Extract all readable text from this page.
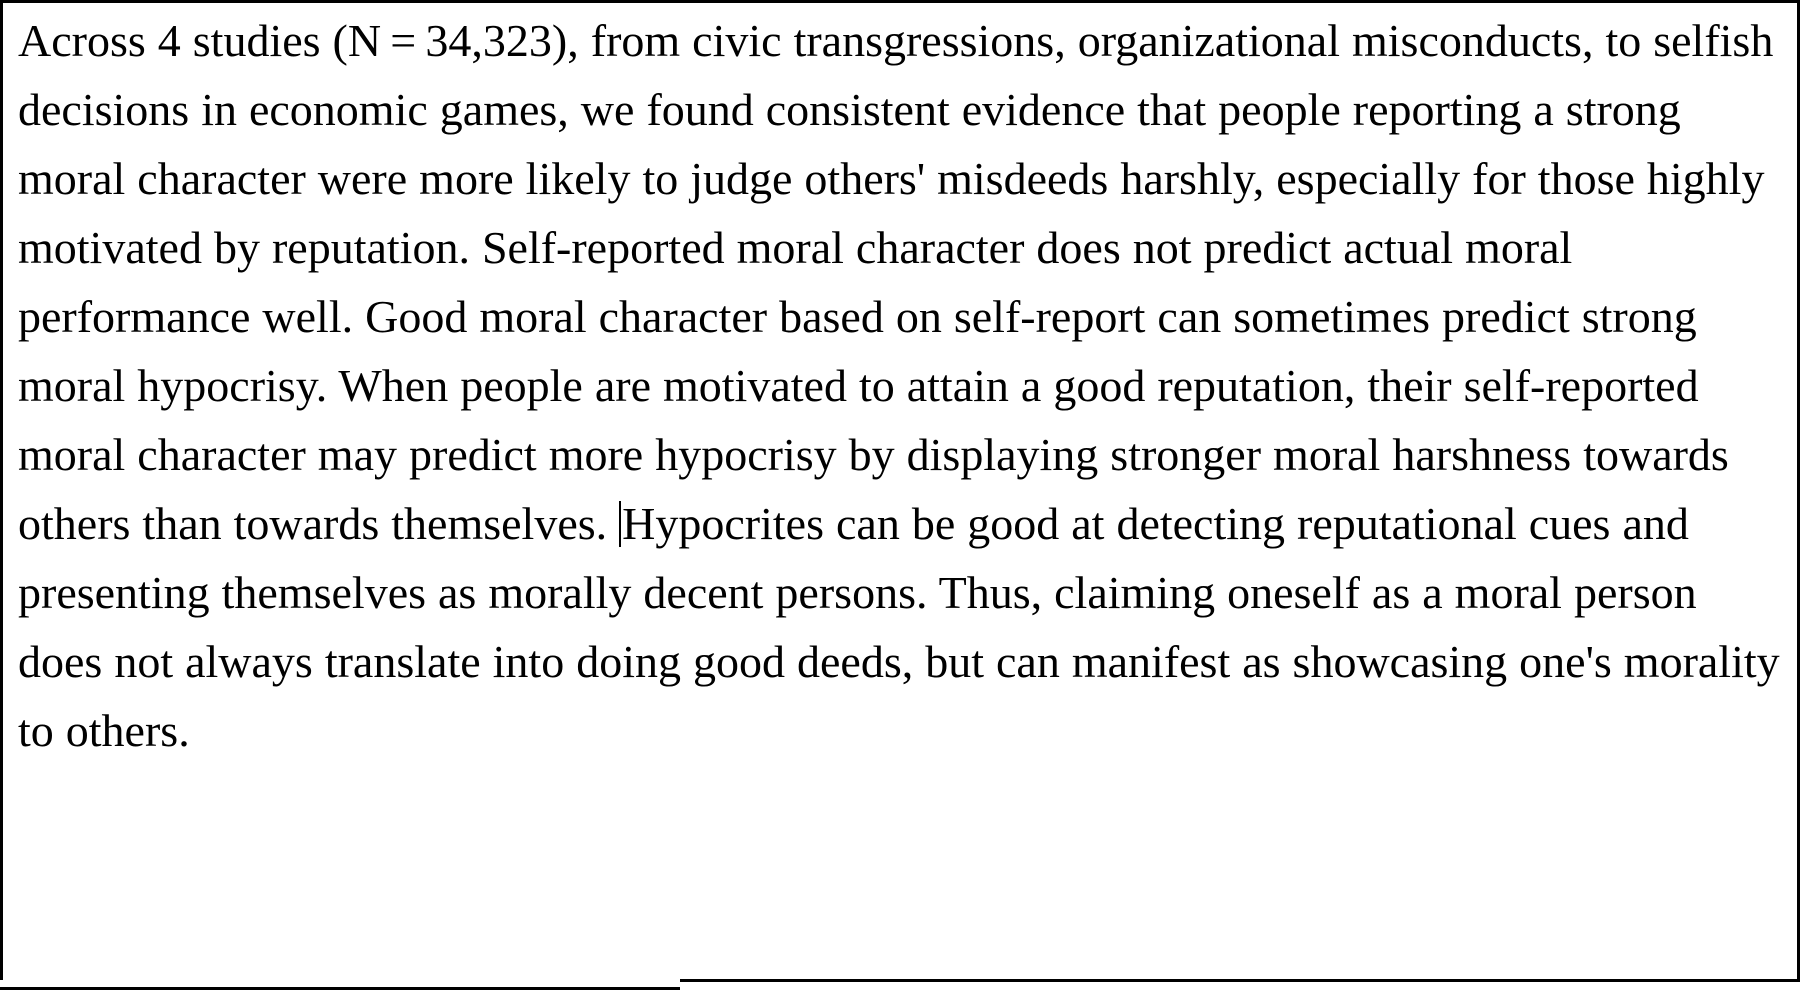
Across 4 studies (N = 34,323), from civic transgressions, organizational misconducts, to selfish decisions in economic games, we found consistent evidence that people reporting a strong moral character were more likely to judge others' misdeeds harshly, especially for those highly motivated by reputation. Self-reported moral character does not predict actual moral performance well. Good moral character based on self-report can sometimes predict strong moral hypocrisy. When people are motivated to attain a good reputation, their self-reported moral character may predict more hypocrisy by displaying stronger moral harshness towards others than towards themselves. Hypocrites can be good at detecting reputational cues and presenting themselves as morally decent persons. Thus, claiming oneself as a moral person does not always translate into doing good deeds, but can manifest as showcasing one's morality to others.
